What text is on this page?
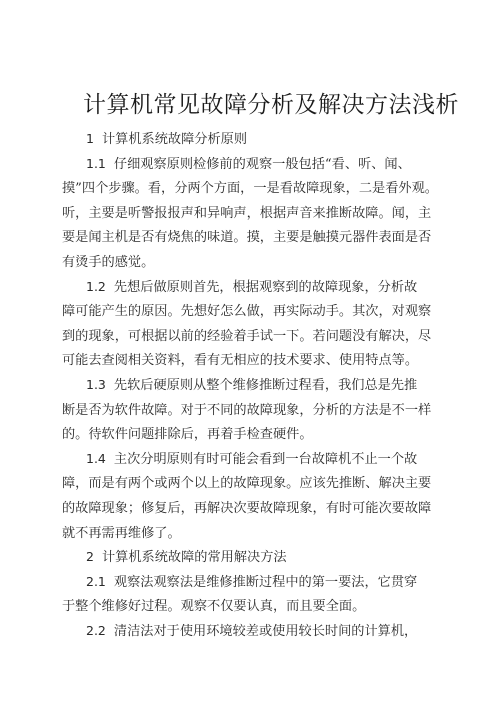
计算机常见故障分析及解决方法浅析
1 计算机系统故障分析原则
1.1 仔细观察原则检修前的观察一般包括“看、听、闻、
摸”四个步骤。看，分两个方面，一是看故障现象，二是看外观。
听，主要是听警报报声和异响声，根据声音来推断故障。闻，主
要是闻主机是否有烧焦的味道。摸，主要是触摸元器件表面是否
有烫手的感觉。
1.2 先想后做原则首先，根据观察到的故障现象，分析故
障可能产生的原因。先想好怎么做，再实际动手。其次，对观察
到的现象，可根据以前的经验着手试一下。若问题没有解决，尽
可能去查阅相关资料，看有无相应的技术要求、使用特点等。
1.3 先软后硬原则从整个维修推断过程看，我们总是先推
断是否为软件故障。对于不同的故障现象，分析的方法是不一样
的。待软件问题排除后，再着手检查硬件。
1.4 主次分明原则有时可能会看到一台故障机不止一个故
障，而是有两个或两个以上的故障现象。应该先推断、解决主要
的故障现象；修复后，再解决次要故障现象，有时可能次要故障
就不再需再维修了。
2 计算机系统故障的常用解决方法
2.1 观察法观察法是维修推断过程中的第一要法，它贯穿
于整个维修好过程。观察不仅要认真，而且要全面。
2.2 清洁法对于使用环境较差或使用较长时间的计算机，
